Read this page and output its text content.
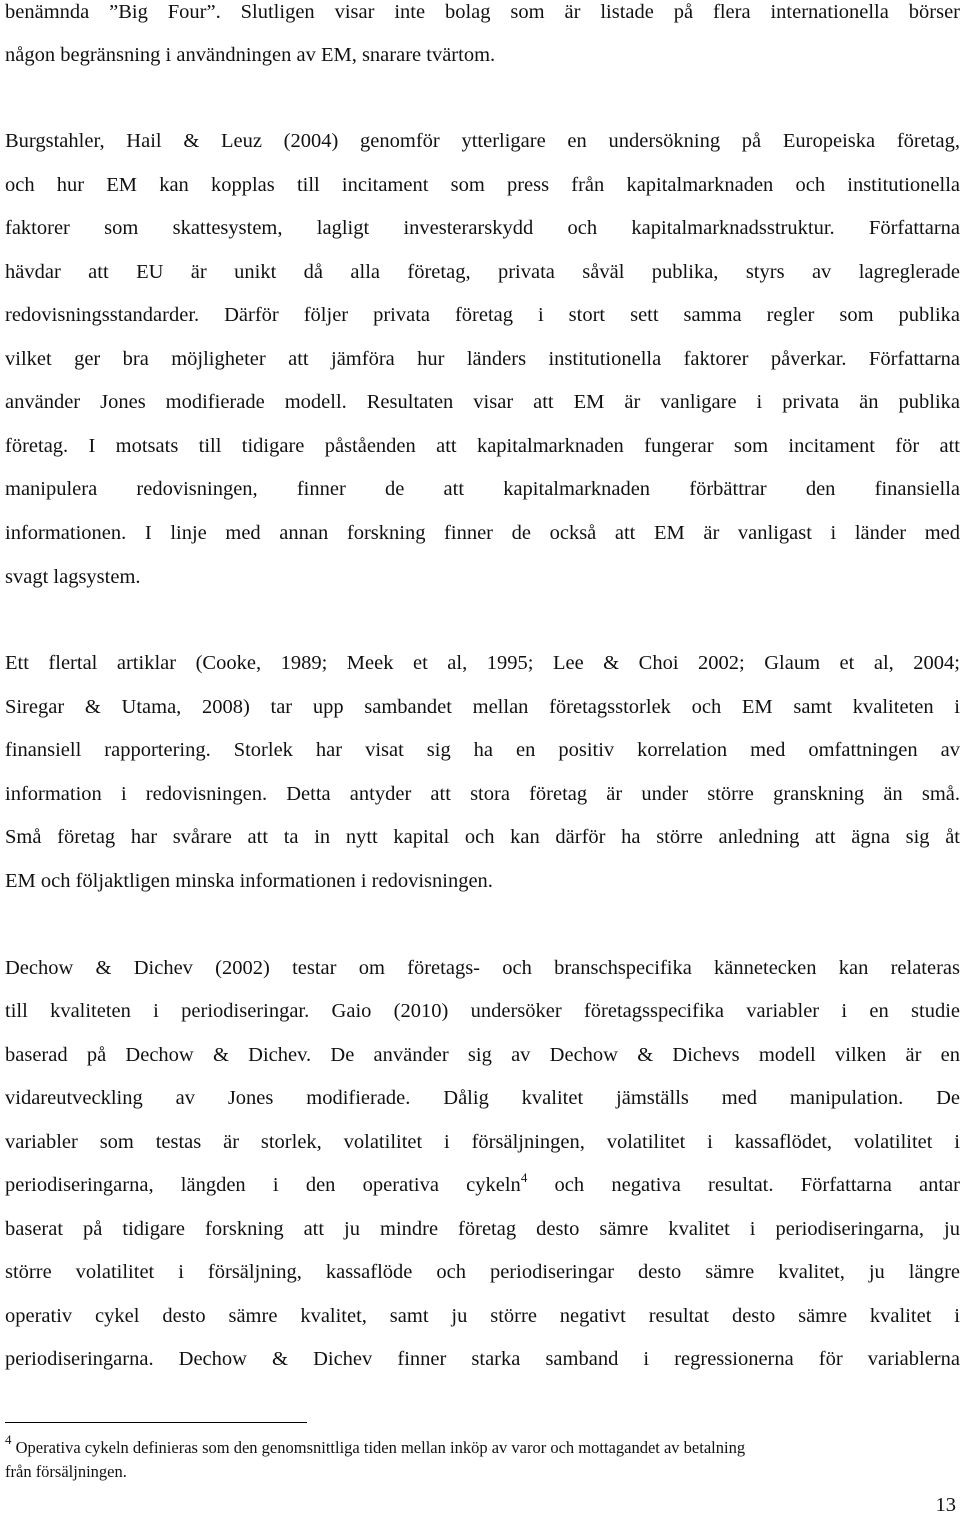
benämnda ”Big Four”. Slutligen visar inte bolag som är listade på flera internationella börser

någon begränsning i användningen av EM, snarare tvärtom.

Burgstahler, Hail & Leuz (2004) genomför ytterligare en undersökning på Europeiska företag,

och hur EM kan kopplas till incitament som press från kapitalmarknaden och institutionella

faktorer som skattesystem, lagligt investerarskydd och kapitalmarknadsstruktur. Författarna

hävdar att EU är unikt då alla företag, privata såväl publika, styrs av lagreglerade

redovisningsstandarder. Därför följer privata företag i stort sett samma regler som publika

vilket ger bra möjligheter att jämföra hur länders institutionella faktorer påverkar. Författarna

använder Jones modifierade modell. Resultaten visar att EM är vanligare i privata än publika

företag. I motsats till tidigare påståenden att kapitalmarknaden fungerar som incitament för att

manipulera redovisningen, finner de att kapitalmarknaden förbättrar den finansiella

informationen. I linje med annan forskning finner de också att EM är vanligast i länder med

svagt lagsystem.

Ett flertal artiklar (Cooke, 1989; Meek et al, 1995; Lee & Choi 2002; Glaum et al, 2004;

Siregar & Utama, 2008) tar upp sambandet mellan företagsstorlek och EM samt kvaliteten i

finansiell rapportering. Storlek har visat sig ha en positiv korrelation med omfattningen av

information i redovisningen. Detta antyder att stora företag är under större granskning än små.

Små företag har svårare att ta in nytt kapital och kan därför ha större anledning att ägna sig åt

EM och följaktligen minska informationen i redovisningen.

Dechow & Dichev (2002) testar om företags- och branschspecifika kännetecken kan relateras

till kvaliteten i periodiseringar. Gaio (2010) undersöker företagsspecifika variabler i en studie

baserad på Dechow & Dichev. De använder sig av Dechow & Dichevs modell vilken är en

vidareutveckling av Jones modifierade. Dålig kvalitet jämställs med manipulation. De

variabler som testas är storlek, volatilitet i försäljningen, volatilitet i kassaflödet, volatilitet i

periodiseringarna, längden i den operativa cykeln$^4$ och negativa resultat. Författarna antar

baserat på tidigare forskning att ju mindre företag desto sämre kvalitet i periodiseringarna, ju

större volatilitet i försäljning, kassaflöde och periodiseringar desto sämre kvalitet, ju längre

operativ cykel desto sämre kvalitet, samt ju större negativt resultat desto sämre kvalitet i

periodiseringarna. Dechow & Dichev finner starka samband i regressionerna för variablerna

$^4$ Operativa cykeln definieras som den genomsnittliga tiden mellan inköp av varor och mottagandet av betalning

från försäljningen.

13
